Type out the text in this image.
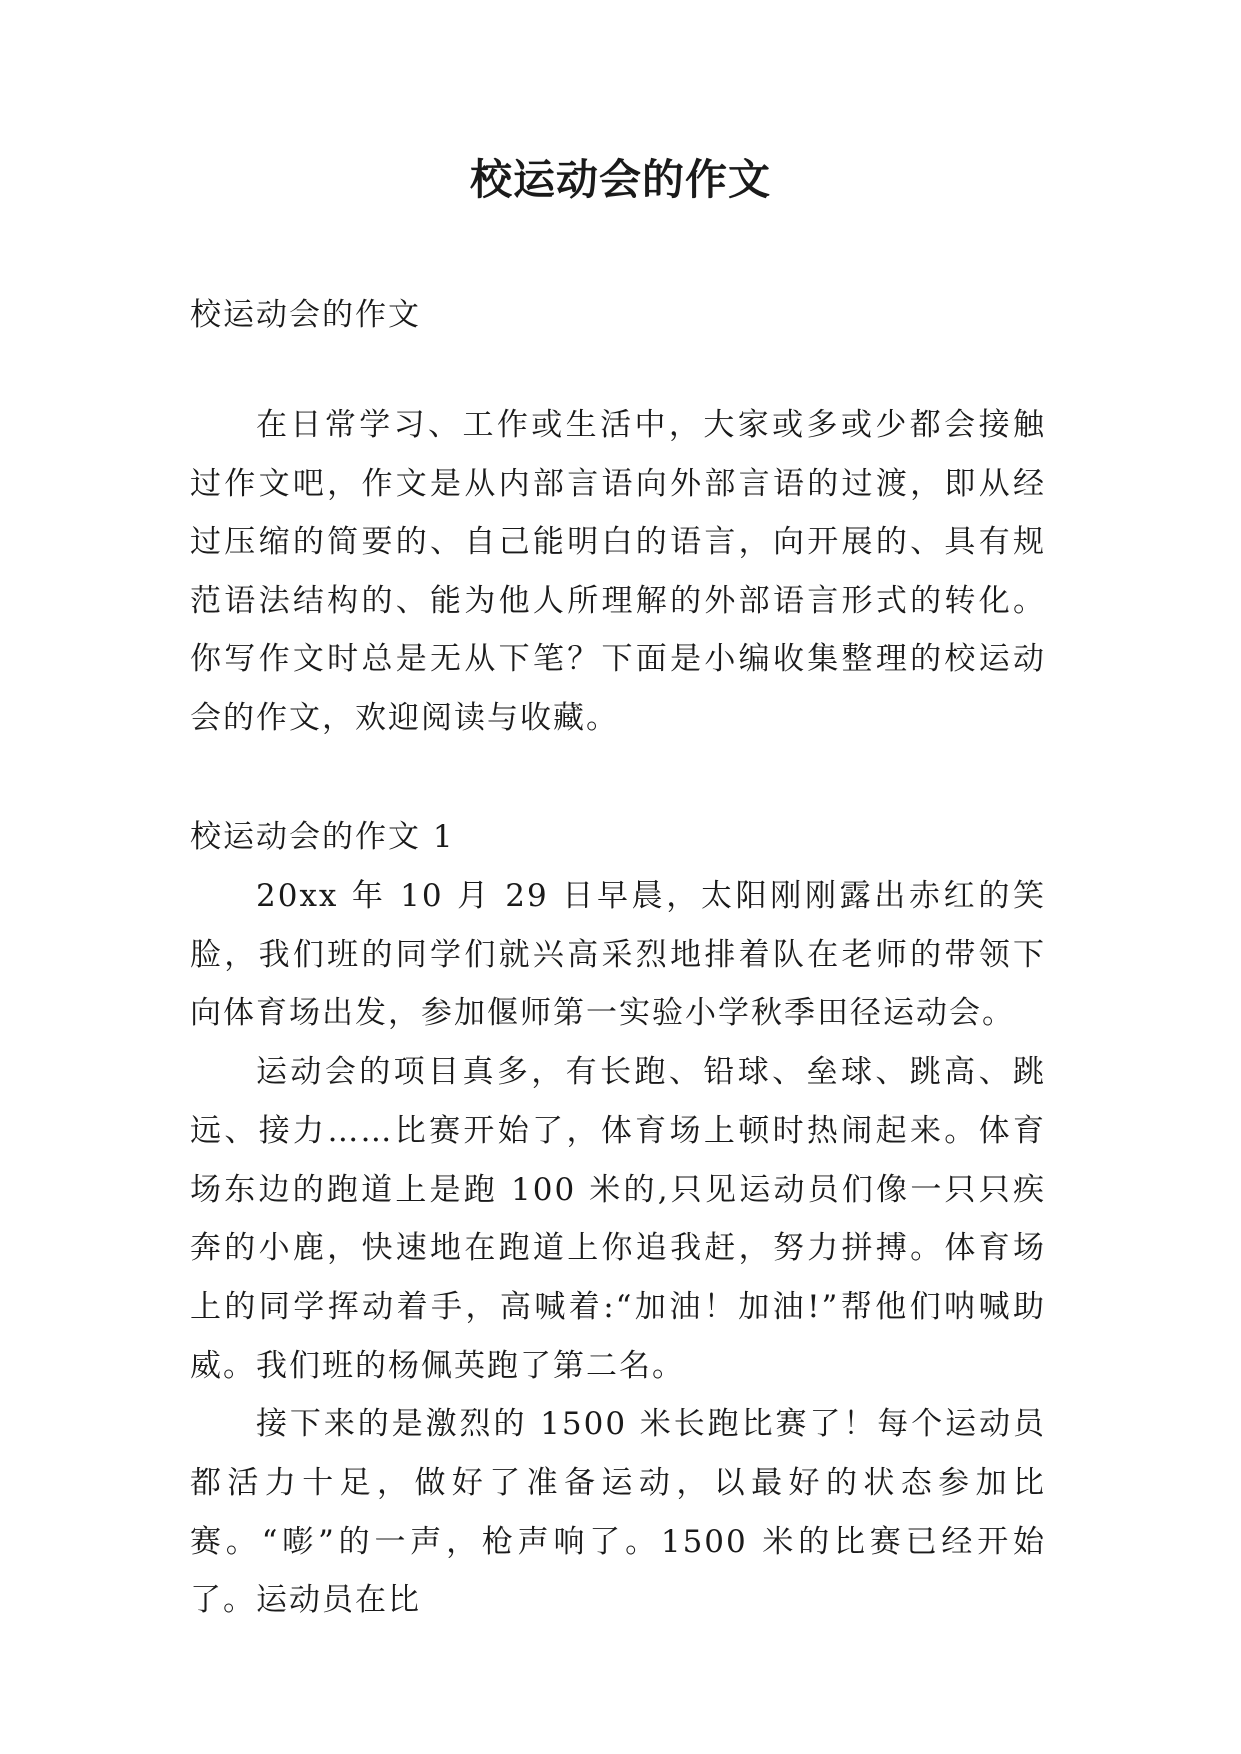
校运动会的作文

校运动会的作文

在日常学习、工作或生活中，大家或多或少都会接触过作文吧，作文是从内部言语向外部言语的过渡，即从经过压缩的简要的、自己能明白的语言，向开展的、具有规范语法结构的、能为他人所理解的外部语言形式的转化。你写作文时总是无从下笔？下面是小编收集整理的校运动会的作文，欢迎阅读与收藏。

校运动会的作文 1

20xx 年 10 月 29 日早晨，太阳刚刚露出赤红的笑脸，我们班的同学们就兴高采烈地排着队在老师的带领下向体育场出发，参加偃师第一实验小学秋季田径运动会。

运动会的项目真多，有长跑、铅球、垒球、跳高、跳远、接力……比赛开始了，体育场上顿时热闹起来。体育场东边的跑道上是跑 100 米的,只见运动员们像一只只疾奔的小鹿，快速地在跑道上你追我赶，努力拼搏。体育场上的同学挥动着手，高喊着:“加油！加油!”帮他们呐喊助威。我们班的杨佩英跑了第二名。

接下来的是激烈的 1500 米长跑比赛了！每个运动员都活力十足，做好了准备运动，以最好的状态参加比赛。“嘭”的一声，枪声响了。1500 米的比赛已经开始了。运动员在比
